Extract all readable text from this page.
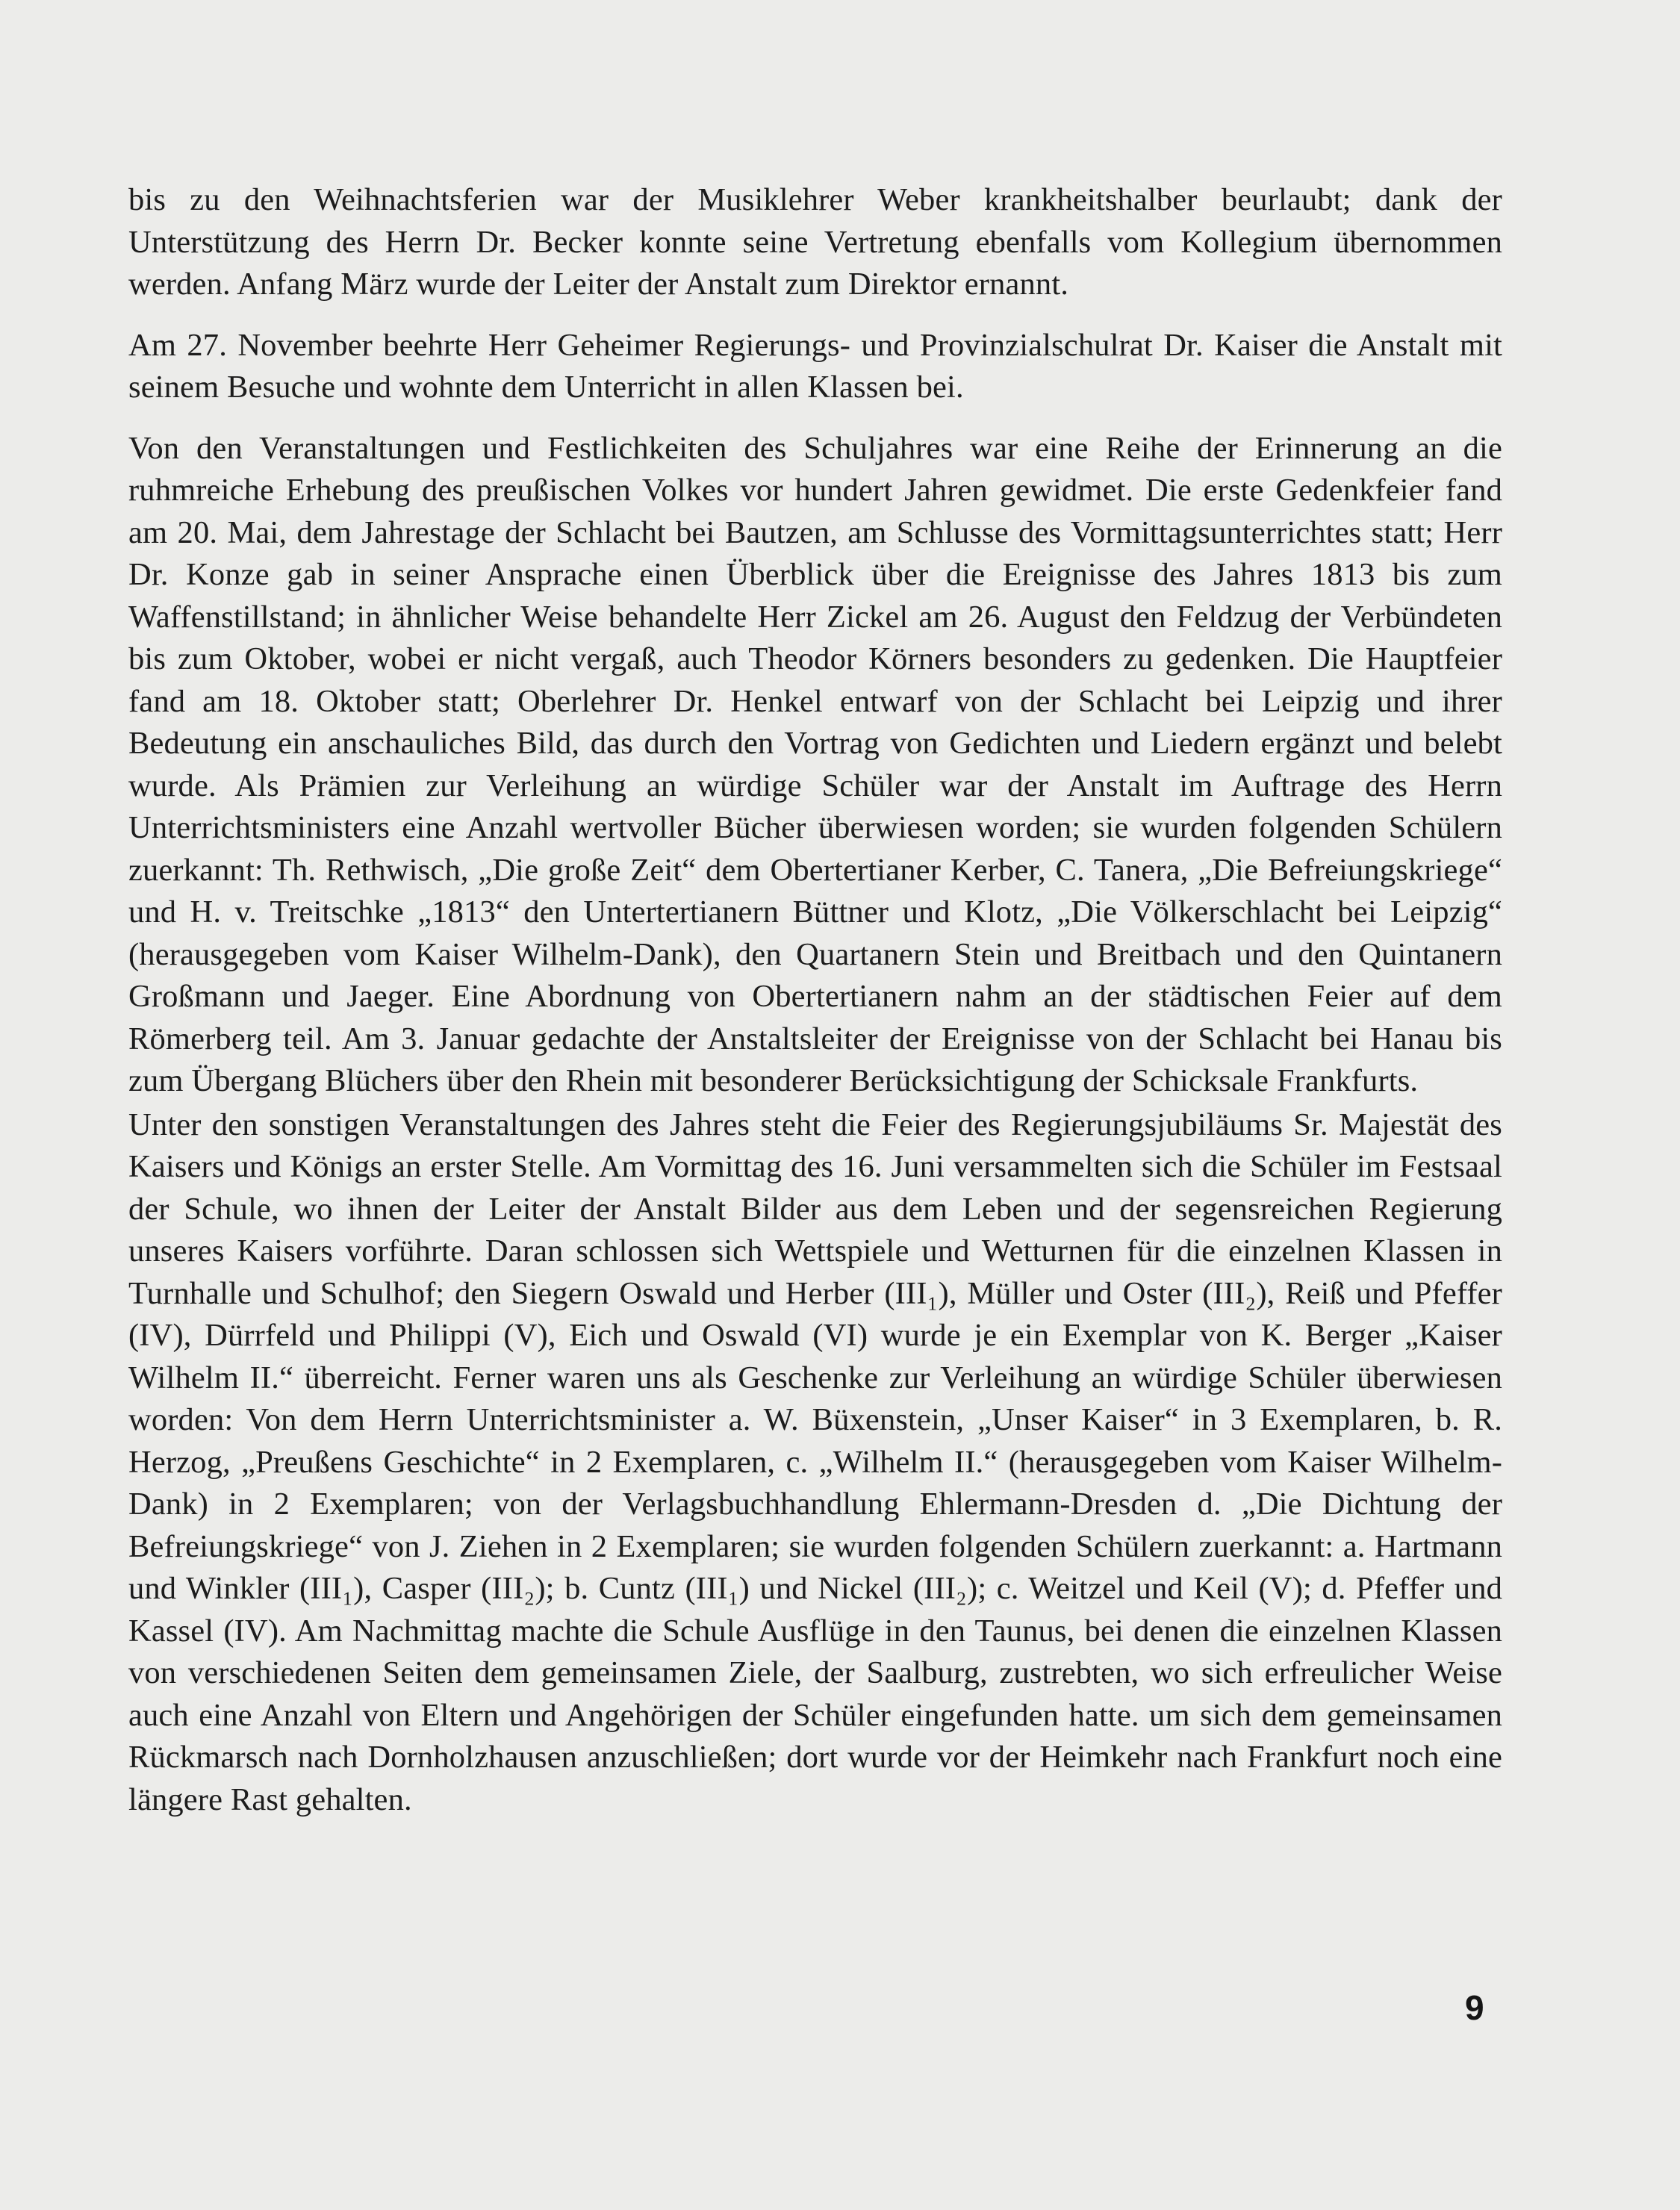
bis zu den Weihnachtsferien war der Musiklehrer Weber krankheitshalber beurlaubt; dank der Unterstützung des Herrn Dr. Becker konnte seine Vertretung ebenfalls vom Kollegium übernommen werden. Anfang März wurde der Leiter der Anstalt zum Direktor ernannt.

Am 27. November beehrte Herr Geheimer Regierungs- und Provinzialschulrat Dr. Kaiser die Anstalt mit seinem Besuche und wohnte dem Unterricht in allen Klassen bei.

Von den Veranstaltungen und Festlichkeiten des Schuljahres war eine Reihe der Erinnerung an die ruhmreiche Erhebung des preußischen Volkes vor hundert Jahren gewidmet. Die erste Gedenkfeier fand am 20. Mai, dem Jahrestage der Schlacht bei Bautzen, am Schlusse des Vormittagsunterrichtes statt; Herr Dr. Konze gab in seiner Ansprache einen Überblick über die Ereignisse des Jahres 1813 bis zum Waffenstillstand; in ähnlicher Weise behandelte Herr Zickel am 26. August den Feldzug der Verbündeten bis zum Oktober, wobei er nicht vergaß, auch Theodor Körners besonders zu gedenken. Die Hauptfeier fand am 18. Oktober statt; Oberlehrer Dr. Henkel entwarf von der Schlacht bei Leipzig und ihrer Bedeutung ein anschauliches Bild, das durch den Vortrag von Gedichten und Liedern ergänzt und belebt wurde. Als Prämien zur Verleihung an würdige Schüler war der Anstalt im Auftrage des Herrn Unterrichtsministers eine Anzahl wertvoller Bücher überwiesen worden; sie wurden folgenden Schülern zuerkannt: Th. Rethwisch, „Die große Zeit“ dem Obertertianer Kerber, C. Tanera, „Die Befreiungskriege“ und H. v. Treitschke „1813“ den Untertertianern Büttner und Klotz, „Die Völkerschlacht bei Leipzig“ (herausgegeben vom Kaiser Wilhelm-Dank), den Quartanern Stein und Breitbach und den Quintanern Großmann und Jaeger. Eine Abordnung von Obertertianern nahm an der städtischen Feier auf dem Römerberg teil. Am 3. Januar gedachte der Anstaltsleiter der Ereignisse von der Schlacht bei Hanau bis zum Übergang Blüchers über den Rhein mit besonderer Berücksichtigung der Schicksale Frankfurts.

Unter den sonstigen Veranstaltungen des Jahres steht die Feier des Regierungsjubiläums Sr. Majestät des Kaisers und Königs an erster Stelle. Am Vormittag des 16. Juni versammelten sich die Schüler im Festsaal der Schule, wo ihnen der Leiter der Anstalt Bilder aus dem Leben und der segensreichen Regierung unseres Kaisers vorführte. Daran schlossen sich Wettspiele und Wetturnen für die einzelnen Klassen in Turnhalle und Schulhof; den Siegern Oswald und Herber (III₁), Müller und Oster (III₂), Reiß und Pfeffer (IV), Dürrfeld und Philippi (V), Eich und Oswald (VI) wurde je ein Exemplar von K. Berger „Kaiser Wilhelm II.“ überreicht. Ferner waren uns als Geschenke zur Verleihung an würdige Schüler überwiesen worden: Von dem Herrn Unterrichtsminister a. W. Büxenstein, „Unser Kaiser“ in 3 Exemplaren, b. R. Herzog, „Preußens Geschichte“ in 2 Exemplaren, c. „Wilhelm II.“ (herausgegeben vom Kaiser Wilhelm-Dank) in 2 Exemplaren; von der Verlagsbuchhandlung Ehlermann-Dresden d. „Die Dichtung der Befreiungskriege“ von J. Ziehen in 2 Exemplaren; sie wurden folgenden Schülern zuerkannt: a. Hartmann und Winkler (III₁), Casper (III₂); b. Cuntz (III₁) und Nickel (III₂); c. Weitzel und Keil (V); d. Pfeffer und Kassel (IV). Am Nachmittag machte die Schule Ausflüge in den Taunus, bei denen die einzelnen Klassen von verschiedenen Seiten dem gemeinsamen Ziele, der Saalburg, zustrebten, wo sich erfreulicher Weise auch eine Anzahl von Eltern und Angehörigen der Schüler eingefunden hatte. um sich dem gemeinsamen Rückmarsch nach Dornholzhausen anzuschließen; dort wurde vor der Heimkehr nach Frankfurt noch eine längere Rast gehalten.

9
